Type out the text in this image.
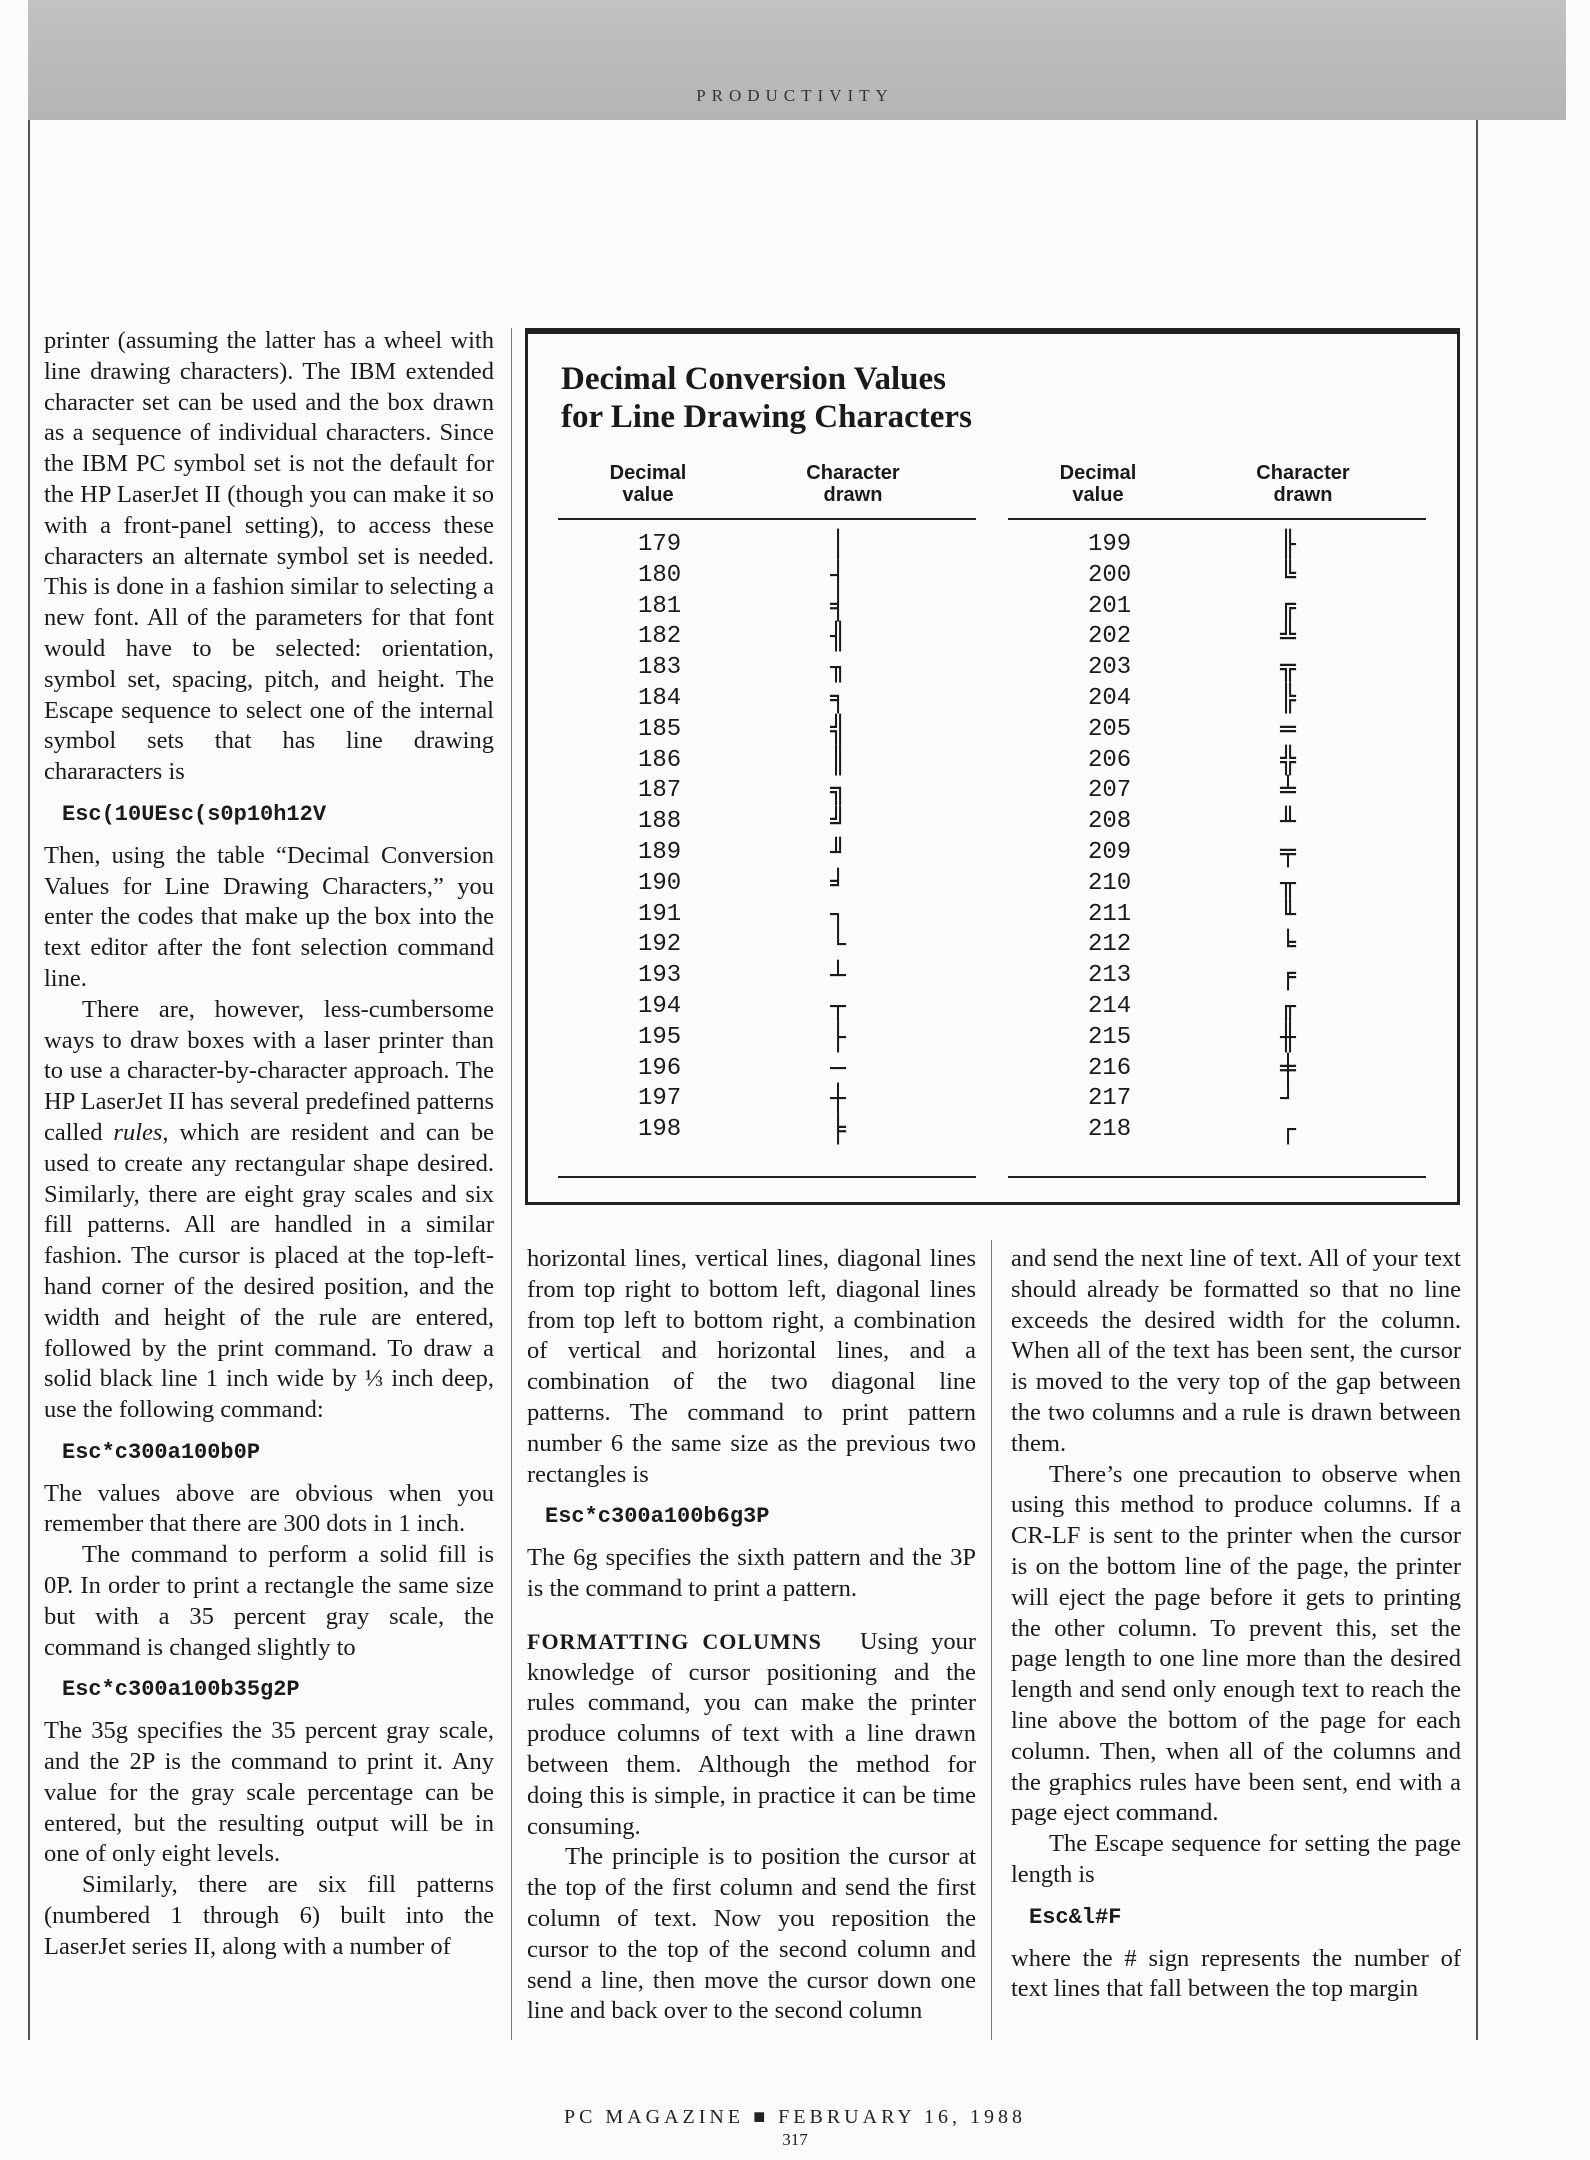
PRODUCTIVITY

printer (assuming the latter has a wheel with line drawing characters). The IBM extended character set can be used and the box drawn as a sequence of individual characters. Since the IBM PC symbol set is not the default for the HP LaserJet II (though you can make it so with a front-panel setting), to access these characters an alternate symbol set is needed. This is done in a fashion similar to selecting a new font. All of the parameters for that font would have to be selected: orientation, symbol set, spacing, pitch, and height. The Escape sequence to select one of the internal symbol sets that has line drawing chararacters is

Esc(10UEsc(s0p10h12V

Then, using the table “Decimal Conversion Values for Line Drawing Characters,” you enter the codes that make up the box into the text editor after the font selection command line.

There are, however, less-cumbersome ways to draw boxes with a laser printer than to use a character-by-character approach. The HP LaserJet II has several predefined patterns called rules, which are resident and can be used to create any rectangular shape desired. Similarly, there are eight gray scales and six fill patterns. All are handled in a similar fashion. The cursor is placed at the top-left-hand corner of the desired position, and the width and height of the rule are entered, followed by the print command. To draw a solid black line 1 inch wide by ⅓ inch deep, use the following command:

Esc*c300a100b0P

The values above are obvious when you remember that there are 300 dots in 1 inch.

The command to perform a solid fill is 0P. In order to print a rectangle the same size but with a 35 percent gray scale, the command is changed slightly to

Esc*c300a100b35g2P

The 35g specifies the 35 percent gray scale, and the 2P is the command to print it. Any value for the gray scale percentage can be entered, but the resulting output will be in one of only eight levels.

Similarly, there are six fill patterns (numbered 1 through 6) built into the LaserJet series II, along with a number of

Decimal Conversion Values
for Line Drawing Characters
Decimal
value
Character
drawn
179	│
180	┤
181	╡
182	╢
183	╖
184	╕
185	╣
186	║
187	╗
188	╝
189	╜
190	╛
191	┐
192	└
193	┴
194	┬
195	├
196	─
197	┼
198	╞
Decimal
value
Character
drawn
199	╟
200	╚
201	╔
202	╩
203	╦
204	╠
205	═
206	╬
207	╧
208	╨
209	╤
210	╥
211	╙
212	╘
213	╒
214	╓
215	╫
216	╪
217	┘
218	┌

horizontal lines, vertical lines, diagonal lines from top right to bottom left, diagonal lines from top left to bottom right, a combination of vertical and horizontal lines, and a combination of the two diagonal line patterns. The command to print pattern number 6 the same size as the previous two rectangles is

Esc*c300a100b6g3P

The 6g specifies the sixth pattern and the 3P is the command to print a pattern.

FORMATTING COLUMNS Using your knowledge of cursor positioning and the rules command, you can make the printer produce columns of text with a line drawn between them. Although the method for doing this is simple, in practice it can be time consuming.

The principle is to position the cursor at the top of the first column and send the first column of text. Now you reposition the cursor to the top of the second column and send a line, then move the cursor down one line and back over to the second column

and send the next line of text. All of your text should already be formatted so that no line exceeds the desired width for the column. When all of the text has been sent, the cursor is moved to the very top of the gap between the two columns and a rule is drawn between them.

There’s one precaution to observe when using this method to produce columns. If a CR-LF is sent to the printer when the cursor is on the bottom line of the page, the printer will eject the page before it gets to printing the other column. To prevent this, set the page length to one line more than the desired length and send only enough text to reach the line above the bottom of the page for each column. Then, when all of the columns and the graphics rules have been sent, end with a page eject command.

The Escape sequence for setting the page length is

Esc&l#F

where the # sign represents the number of text lines that fall between the top margin

PC MAGAZINE ■ FEBRUARY 16, 1988
317
